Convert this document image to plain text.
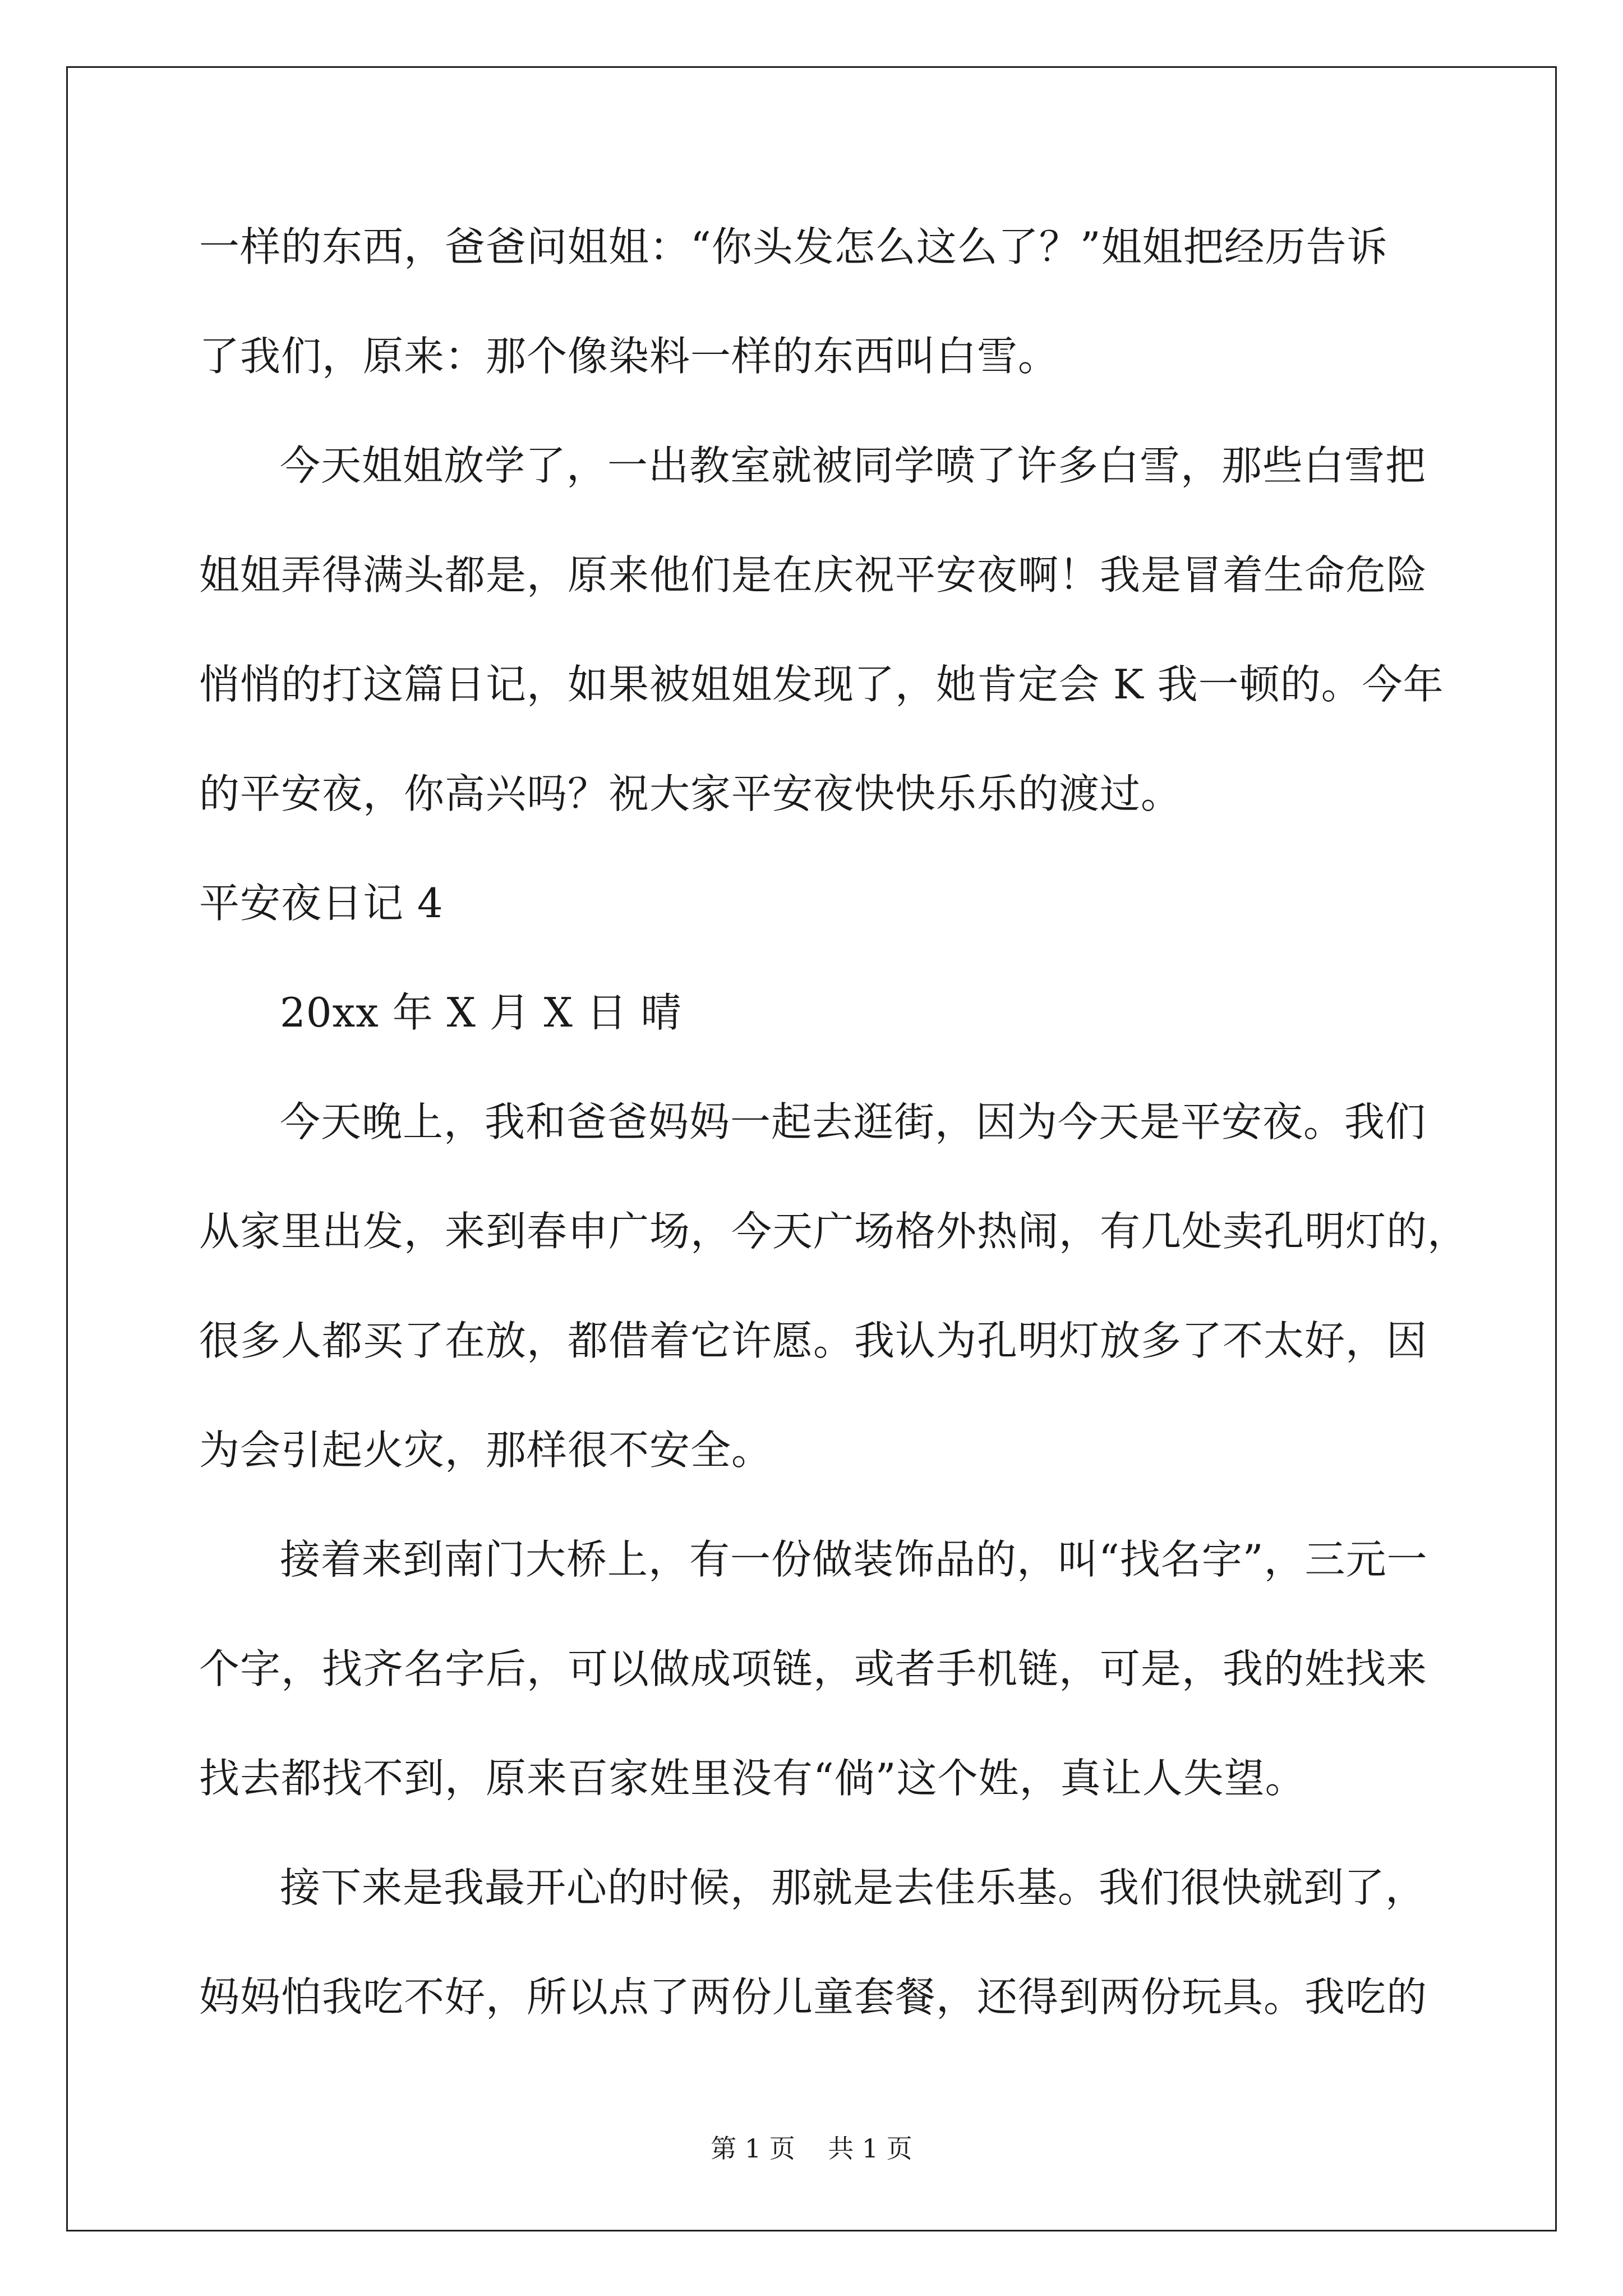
一样的东西，爸爸问姐姐：“你头发怎么这么了？”姐姐把经历告诉
了我们，原来：那个像染料一样的东西叫白雪。
今天姐姐放学了，一出教室就被同学喷了许多白雪，那些白雪把
姐姐弄得满头都是，原来他们是在庆祝平安夜啊！我是冒着生命危险
悄悄的打这篇日记，如果被姐姐发现了，她肯定会 K 我一顿的。今年
的平安夜，你高兴吗？祝大家平安夜快快乐乐的渡过。
平安夜日记 4
20xx 年 X 月 X 日 晴
今天晚上，我和爸爸妈妈一起去逛街，因为今天是平安夜。我们
从家里出发，来到春申广场，今天广场格外热闹，有几处卖孔明灯的，
很多人都买了在放，都借着它许愿。我认为孔明灯放多了不太好，因
为会引起火灾，那样很不安全。
接着来到南门大桥上，有一份做装饰品的，叫“找名字”，三元一
个字，找齐名字后，可以做成项链，或者手机链，可是，我的姓找来
找去都找不到，原来百家姓里没有“倘”这个姓，真让人失望。
接下来是我最开心的时候，那就是去佳乐基。我们很快就到了，
妈妈怕我吃不好，所以点了两份儿童套餐，还得到两份玩具。我吃的
第 1 页    共 1 页
